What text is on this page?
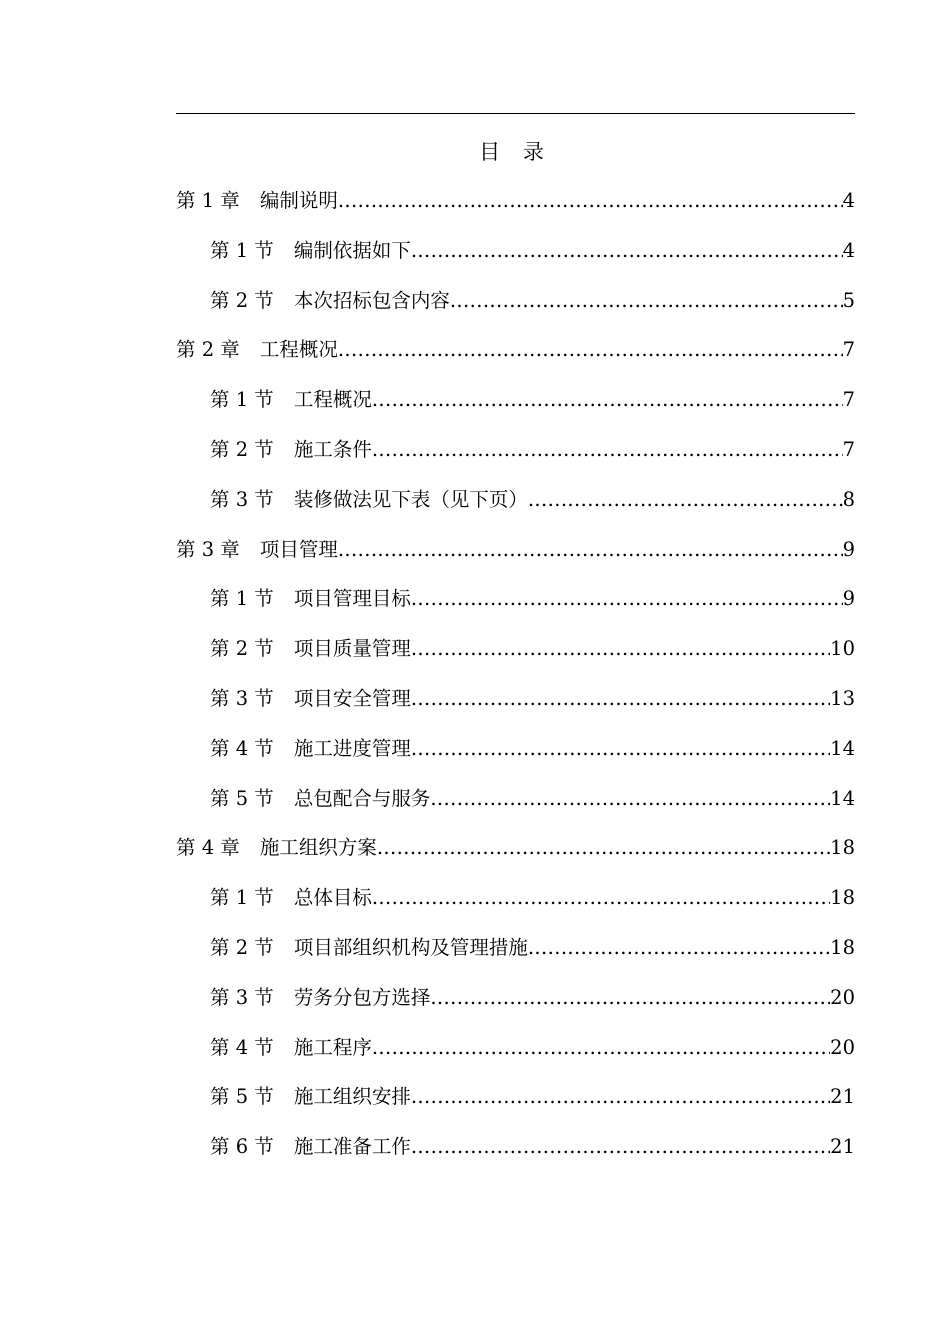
目 录
第 1 章 编制说明 .....	4
第 1 节 编制依据如下 .....	4
第 2 节 本次招标包含内容 .....	5
第 2 章 工程概况 .....	7
第 1 节 工程概况 .....	7
第 2 节 施工条件 .....	7
第 3 节 装修做法见下表（见下页） .....	8
第 3 章 项目管理 .....	9
第 1 节 项目管理目标 .....	9
第 2 节 项目质量管理 .....	10
第 3 节 项目安全管理 .....	13
第 4 节 施工进度管理 .....	14
第 5 节 总包配合与服务 .....	14
第 4 章 施工组织方案 .....	18
第 1 节 总体目标 .....	18
第 2 节 项目部组织机构及管理措施 .....	18
第 3 节 劳务分包方选择 .....	20
第 4 节 施工程序 .....	20
第 5 节 施工组织安排 .....	21
第 6 节 施工准备工作 .....	21
